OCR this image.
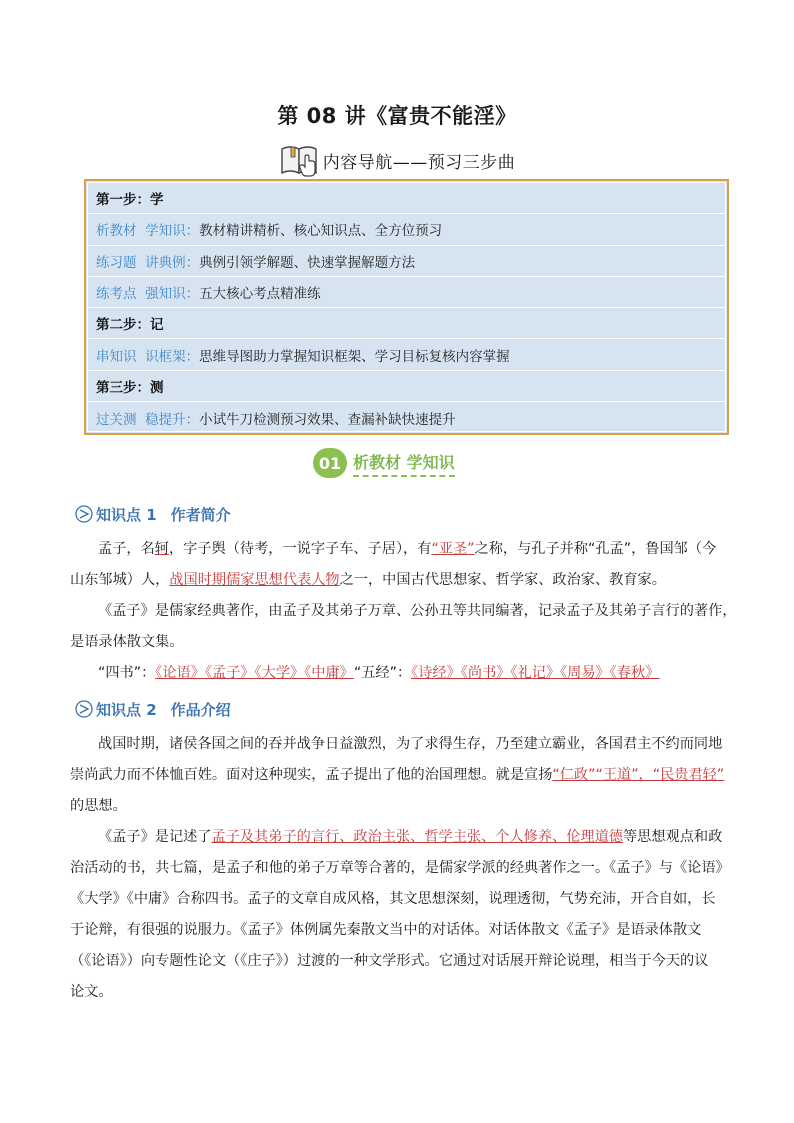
第 08 讲《富贵不能淫》
内容导航——预习三步曲
第一步：学
析教材  学知识： 教材精讲精析、核心知识点、全方位预习
练习题  讲典例： 典例引领学解题、快速掌握解题方法
练考点  强知识： 五大核心考点精准练
第二步：记
串知识  识框架： 思维导图助力掌握知识框架、学习目标复核内容掌握
第三步：测
过关测  稳提升： 小试牛刀检测预习效果、查漏补缺快速提升
01 析教材 学知识
知识点 1 作者简介
孟子，名轲，字子舆（待考，一说字子车、子居），有“亚圣”之称，与孔子并称“孔孟”，鲁国邹（今
山东邹城）人，战国时期儒家思想代表人物之一，中国古代思想家、哲学家、政治家、教育家。
《孟子》是儒家经典著作，由孟子及其弟子万章、公孙丑等共同编著，记录孟子及其弟子言行的著作，
是语录体散文集。
“四书”：《论语》《孟子》《大学》《中庸》“五经”：《诗经》《尚书》《礼记》《周易》《春秋》
知识点 2 作品介绍
战国时期，诸侯各国之间的吞并战争日益激烈，为了求得生存，乃至建立霸业，各国君主不约而同地
崇尚武力而不体恤百姓。面对这种现实，孟子提出了他的治国理想。就是宣扬“仁政”“王道”，“民贵君轻”
的思想。
《孟子》是记述了孟子及其弟子的言行、政治主张、哲学主张、个人修养、伦理道德等思想观点和政
治活动的书，共七篇，是孟子和他的弟子万章等合著的，是儒家学派的经典著作之一。《孟子》与《论语》
《大学》《中庸》合称四书。孟子的文章自成风格，其文思想深刻，说理透彻，气势充沛，开合自如，长
于论辩，有很强的说服力。《孟子》体例属先秦散文当中的对话体。对话体散文《孟子》是语录体散文
（《论语》）向专题性论文（《庄子》）过渡的一种文学形式。它通过对话展开辩论说理，相当于今天的议
论文。
